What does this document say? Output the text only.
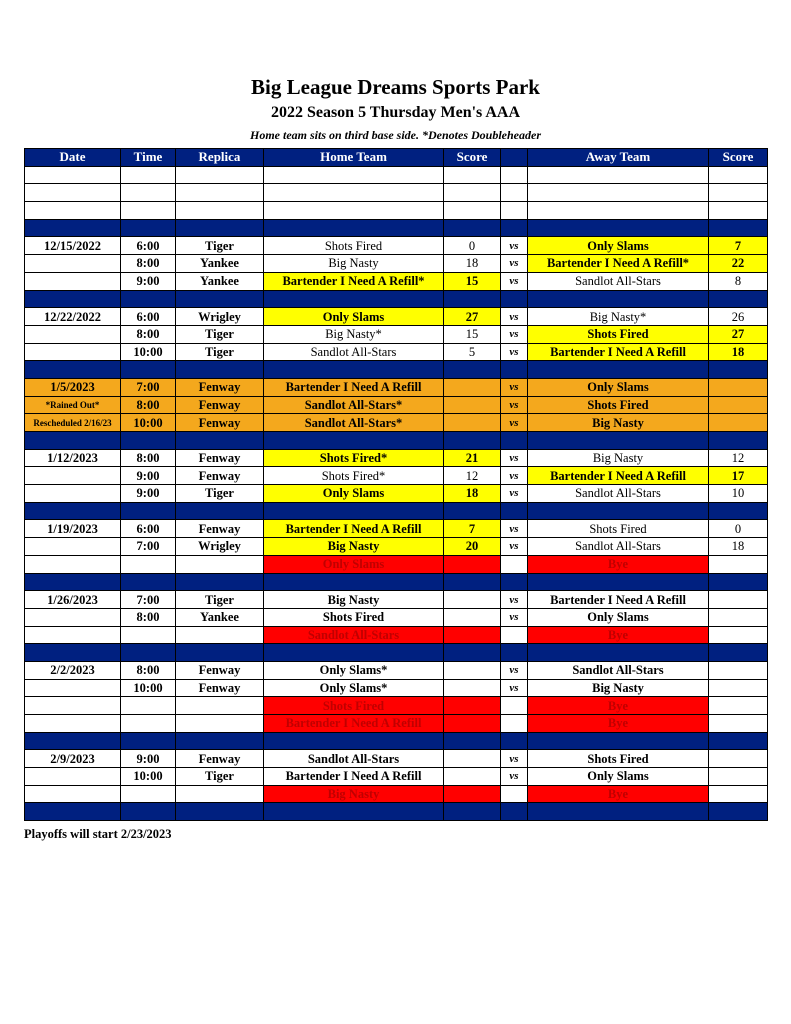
Big League Dreams Sports Park
2022 Season 5 Thursday Men's AAA
Home team sits on third base side. *Denotes Doubleheader
Date	Time	Replica	Home Team	Score		Away Team	Score

12/15/2022	6:00	Tiger	Shots Fired	0	vs	Only Slams	7
	8:00	Yankee	Big Nasty	18	vs	Bartender I Need A Refill*	22
	9:00	Yankee	Bartender I Need A Refill*	15	vs	Sandlot All-Stars	8

12/22/2022	6:00	Wrigley	Only Slams	27	vs	Big Nasty*	26
	8:00	Tiger	Big Nasty*	15	vs	Shots Fired	27
	10:00	Tiger	Sandlot All-Stars	5	vs	Bartender I Need A Refill	18

1/5/2023	7:00	Fenway	Bartender I Need A Refill		vs	Only Slams	
*Rained Out*	8:00	Fenway	Sandlot All-Stars*		vs	Shots Fired	
Rescheduled 2/16/23	10:00	Fenway	Sandlot All-Stars*		vs	Big Nasty	

1/12/2023	8:00	Fenway	Shots Fired*	21	vs	Big Nasty	12
	9:00	Fenway	Shots Fired*	12	vs	Bartender I Need A Refill	17
	9:00	Tiger	Only Slams	18	vs	Sandlot All-Stars	10

1/19/2023	6:00	Fenway	Bartender I Need A Refill	7	vs	Shots Fired	0
	7:00	Wrigley	Big Nasty	20	vs	Sandlot All-Stars	18
			Only Slams			Bye	

1/26/2023	7:00	Tiger	Big Nasty		vs	Bartender I Need A Refill	
	8:00	Yankee	Shots Fired		vs	Only Slams	
			Sandlot All-Stars			Bye	

2/2/2023	8:00	Fenway	Only Slams*		vs	Sandlot All-Stars	
	10:00	Fenway	Only Slams*		vs	Big Nasty	
			Shots Fired			Bye	
			Bartender I Need A Refill			Bye	

2/9/2023	9:00	Fenway	Sandlot All-Stars		vs	Shots Fired	
	10:00	Tiger	Bartender I Need A Refill		vs	Only Slams	
			Big Nasty			Bye	

Playoffs will start 2/23/2023
